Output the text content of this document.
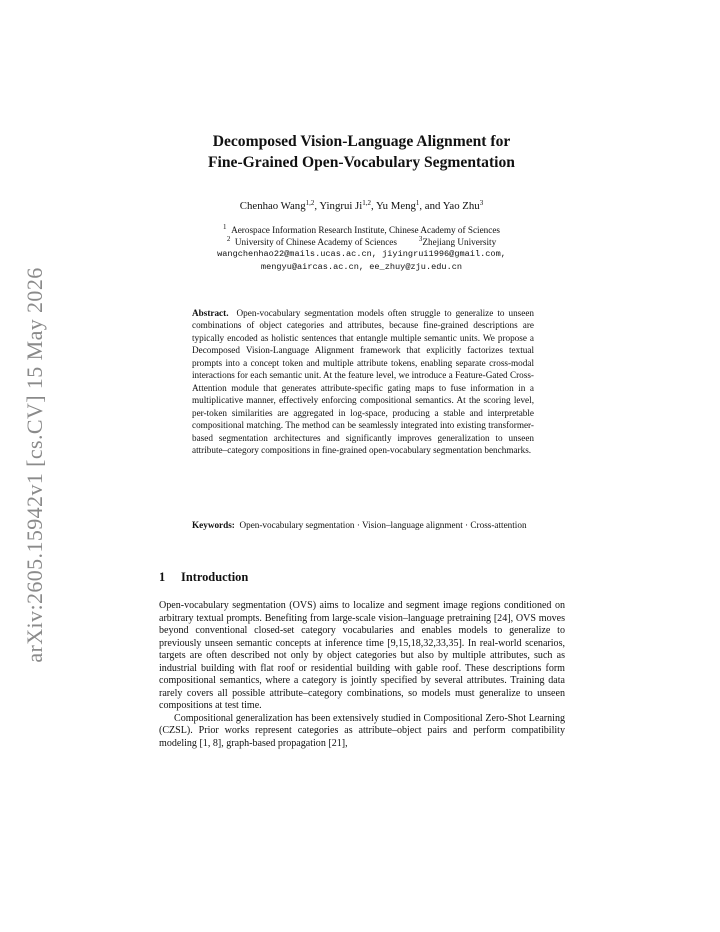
arXiv:2605.15942v1 [cs.CV] 15 May 2026
Decomposed Vision-Language Alignment for
Fine-Grained Open-Vocabulary Segmentation
Chenhao Wang$^{1,2}$, Yingrui Ji$^{1,2}$, Yu Meng$^1$, and Yao Zhu$^3$
$^1$ Aerospace Information Research Institute, Chinese Academy of Sciences
$^2$ University of Chinese Academy of Sciences	$^3$Zhejiang University
wangchenhao22@mails.ucas.ac.cn, jiyingrui1996@gmail.com,
mengyu@aircas.ac.cn, ee_zhuy@zju.edu.cn
Abstract. Open-vocabulary segmentation models often struggle to generalize to unseen combinations of object categories and attributes, because fine-grained descriptions are typically encoded as holistic sentences that entangle multiple semantic units. We propose a Decomposed Vision-Language Alignment framework that explicitly factorizes textual prompts into a concept token and multiple attribute tokens, enabling separate cross-modal interactions for each semantic unit. At the feature level, we introduce a Feature-Gated Cross-Attention module that generates attribute-specific gating maps to fuse information in a multiplicative manner, effectively enforcing compositional semantics. At the scoring level, per-token similarities are aggregated in log-space, producing a stable and interpretable compositional matching. The method can be seamlessly integrated into existing transformer-based segmentation architectures and significantly improves generalization to unseen attribute–category compositions in fine-grained open-vocabulary segmentation benchmarks.
Keywords: Open-vocabulary segmentation · Vision–language alignment · Cross-attention
1 Introduction

Open-vocabulary segmentation (OVS) aims to localize and segment image regions conditioned on arbitrary textual prompts. Benefiting from large-scale vision–language pretraining [24], OVS moves beyond conventional closed-set category vocabularies and enables models to generalize to previously unseen semantic concepts at inference time [9,15,18,32,33,35]. In real-world scenarios, targets are often described not only by object categories but also by multiple attributes, such as industrial building with flat roof or residential building with gable roof. These descriptions form compositional semantics, where a category is jointly specified by several attributes. Training data rarely covers all possible attribute–category combinations, so models must generalize to unseen compositions at test time.

Compositional generalization has been extensively studied in Compositional Zero-Shot Learning (CZSL). Prior works represent categories as attribute–object pairs and perform compatibility modeling [1, 8], graph-based propagation [21],
